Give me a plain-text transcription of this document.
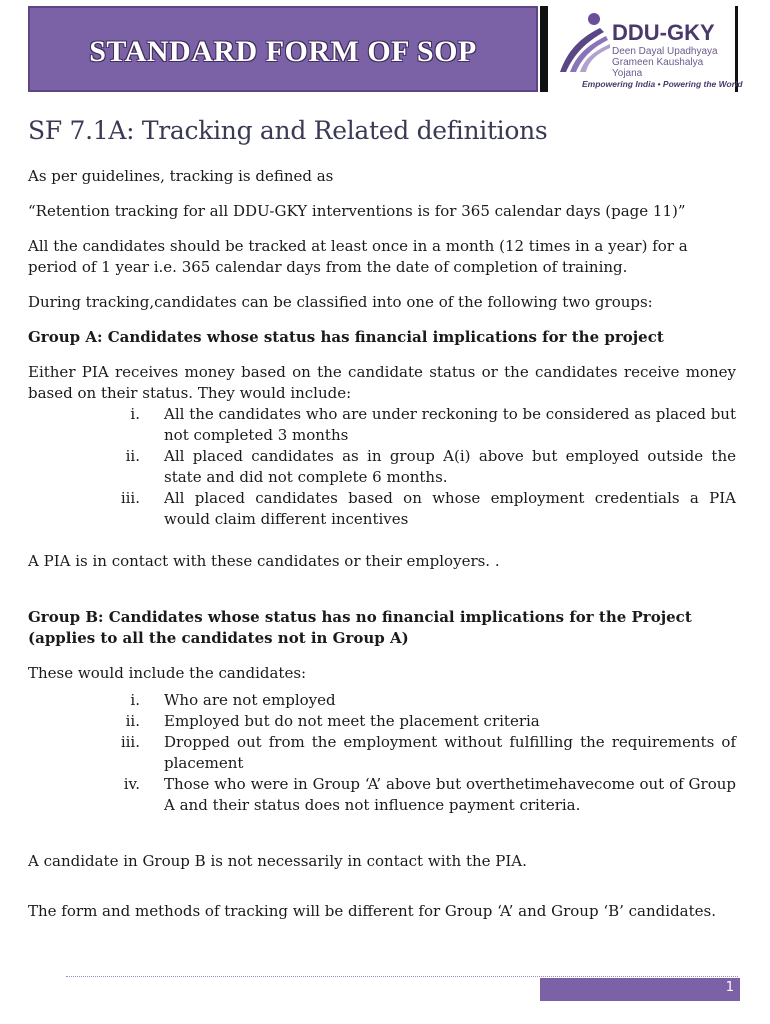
STANDARD FORM OF SOP
DDU-GKY
Deen Dayal Upadhyaya Grameen Kaushalya Yojana
Empowering India • Powering the World
SF 7.1A: Tracking and Related definitions

As per guidelines, tracking is defined as

“Retention tracking for all DDU-GKY interventions is for 365 calendar days (page 11)”

All the candidates should be tracked at least once in a month (12 times in a year) for a period of 1 year i.e. 365 calendar days from the date of completion of training.

During tracking,candidates can be classified into one of the following two groups:

Group A: Candidates whose status has financial implications for the project

Either PIA receives money based on the candidate status or the candidates receive money based on their status. They would include:

i. All the candidates who are under reckoning to be considered as placed but not completed 3 months
ii. All placed candidates as in group A(i) above but employed outside the state and did not complete 6 months.
iii. All placed candidates based on whose employment credentials a PIA would claim different incentives

A PIA is in contact with these candidates or their employers. .

Group B: Candidates whose status has no financial implications for the Project (applies to all the candidates not in Group A)

These would include the candidates:

i. Who are not employed
ii. Employed but do not meet the placement criteria
iii. Dropped out from the employment without fulfilling the requirements of placement
iv. Those who were in Group ‘A’ above but overthetimehavecome out of Group A and their status does not influence payment criteria.

A candidate in Group B is not necessarily in contact with the PIA.

The form and methods of tracking will be different for Group ‘A’ and Group ‘B’ candidates.

1
